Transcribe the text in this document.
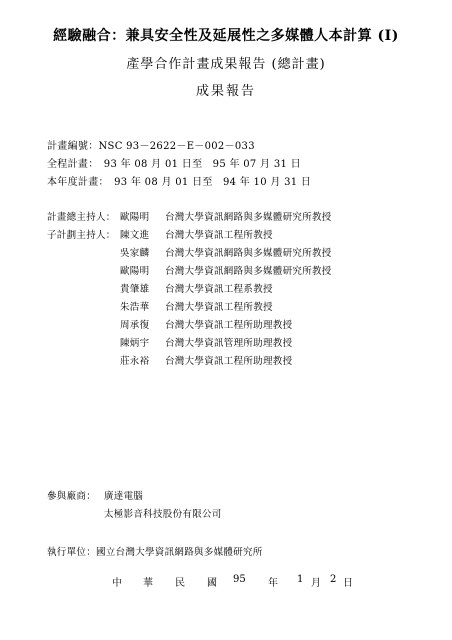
經驗融合：兼具安全性及延展性之多媒體人本計算 (I)
產學合作計畫成果報告 (總計畫)
成果報告
計畫編號：NSC 93－2622－E－002－033
全程計畫：　93 年 08 月 01 日至　95 年 07 月 31 日
本年度計畫：　93 年 08 月 01 日至　94 年 10 月 31 日
計畫總主持人： 歐陽明 台灣大學資訊網路與多媒體研究所教授
子計劃主持人： 陳文進 台灣大學資訊工程所教授
吳家麟 台灣大學資訊網路與多媒體研究所教授
歐陽明 台灣大學資訊網路與多媒體研究所教授
貴肇雄 台灣大學資訊工程系教授
朱浩華 台灣大學資訊工程所教授
周承復 台灣大學資訊工程所助理教授
陳炳宇 台灣大學資訊管理所助理教授
莊永裕 台灣大學資訊工程所助理教授
參與廠商： 廣達電腦
太極影音科技股份有限公司
執行單位：國立台灣大學資訊網路與多媒體研究所
中 華 民 國 95 年 1 月 2 日
